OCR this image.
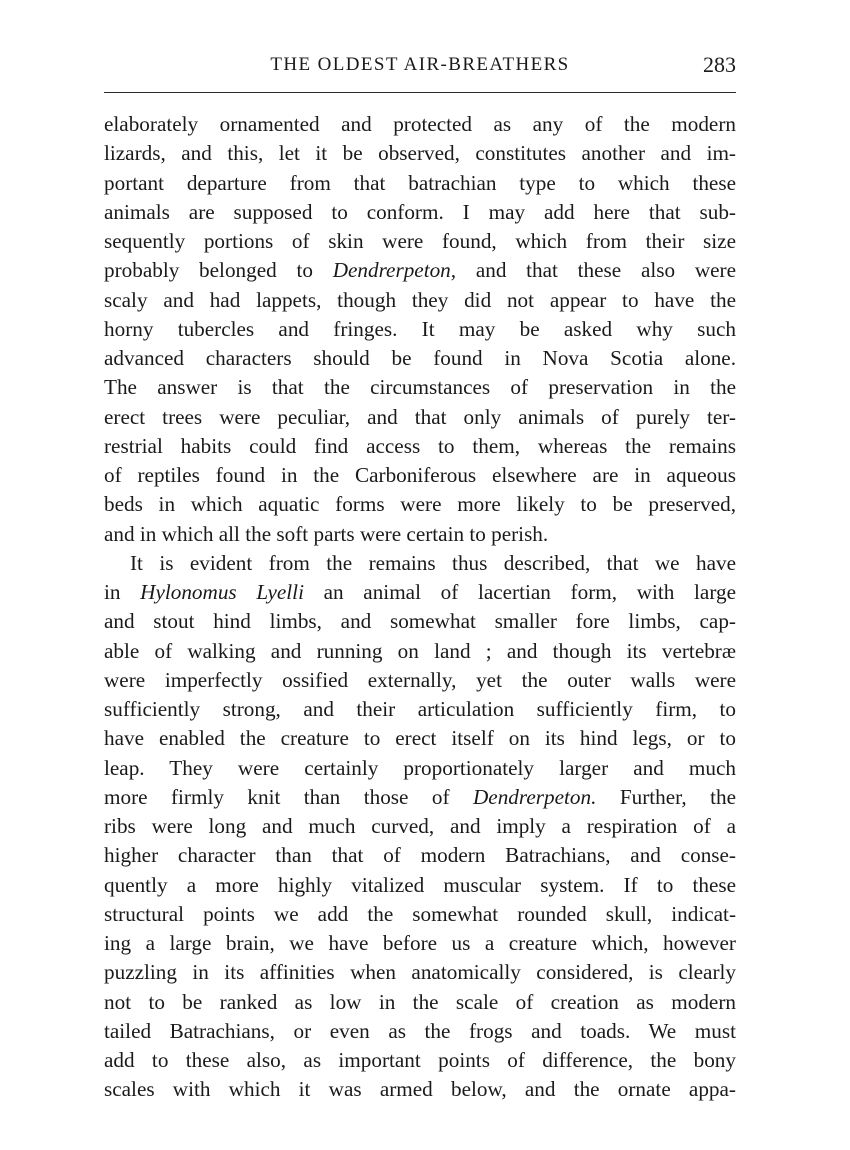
THE OLDEST AIR-BREATHERS	283
elaborately ornamented and protected as any of the modern
lizards, and this, let it be observed, constitutes another and im-
portant departure from that batrachian type to which these
animals are supposed to conform. I may add here that sub-
sequently portions of skin were found, which from their size
probably belonged to Dendrerpeton, and that these also were
scaly and had lappets, though they did not appear to have the
horny tubercles and fringes. It may be asked why such
advanced characters should be found in Nova Scotia alone.
The answer is that the circumstances of preservation in the
erect trees were peculiar, and that only animals of purely ter-
restrial habits could find access to them, whereas the remains
of reptiles found in the Carboniferous elsewhere are in aqueous
beds in which aquatic forms were more likely to be preserved,
and in which all the soft parts were certain to perish.
It is evident from the remains thus described, that we have
in Hylonomus Lyelli an animal of lacertian form, with large
and stout hind limbs, and somewhat smaller fore limbs, cap-
able of walking and running on land ; and though its vertebræ
were imperfectly ossified externally, yet the outer walls were
sufficiently strong, and their articulation sufficiently firm, to
have enabled the creature to erect itself on its hind legs, or to
leap. They were certainly proportionately larger and much
more firmly knit than those of Dendrerpeton. Further, the
ribs were long and much curved, and imply a respiration of a
higher character than that of modern Batrachians, and conse-
quently a more highly vitalized muscular system. If to these
structural points we add the somewhat rounded skull, indicat-
ing a large brain, we have before us a creature which, however
puzzling in its affinities when anatomically considered, is clearly
not to be ranked as low in the scale of creation as modern
tailed Batrachians, or even as the frogs and toads. We must
add to these also, as important points of difference, the bony
scales with which it was armed below, and the ornate appa-
